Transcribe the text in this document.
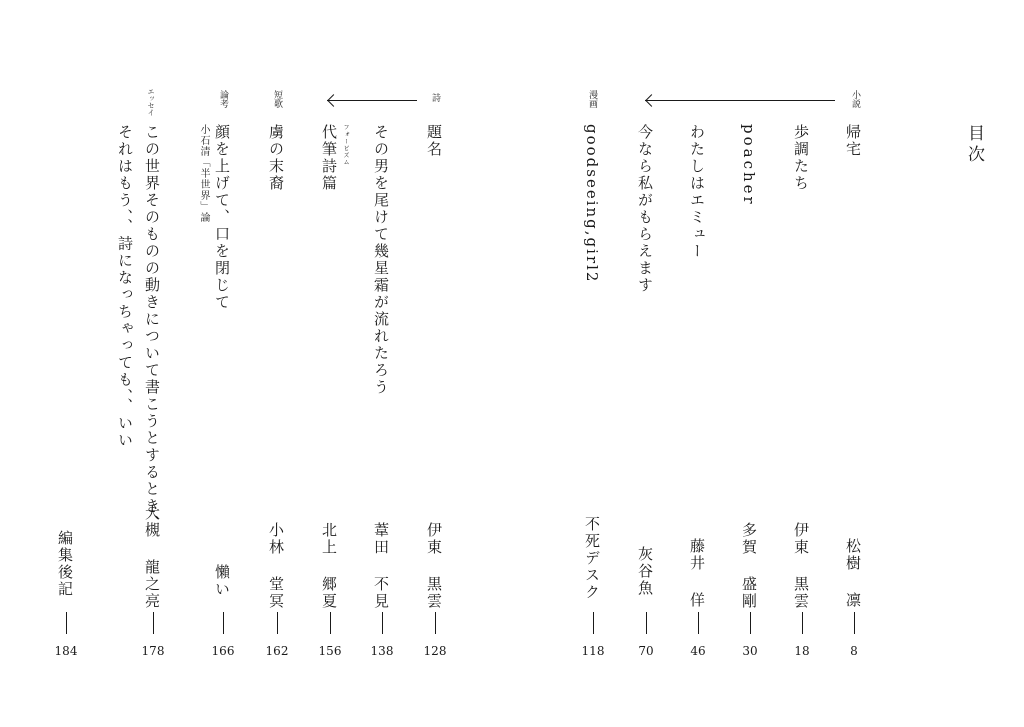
目次
小説
漫画
詩
短歌
論考
エッセイ
帰宅
歩調たち
poacher
わたしはエミュー
今なら私がもらえます
goodseeing,girl2
題名
その男を尾けて幾星霜が流れたろう
フォービズム
代筆詩篇
虜の末裔
顔を上げて、口を閉じて
小石清「半世界」論
この世界そのものの動きについて書こうとするとき、
それはもう、、詩になっちゃっても、、いい
松樹 凛
伊東 黒雲
多賀 盛剛
藤井 佯
灰谷魚
不死デスク
伊東 黒雲
葦田 不見
北上 郷夏
小林 堂冥
懶い
大槻 龍之亮
編集後記
8
18
30
46
70
118
128
138
156
162
166
178
184
